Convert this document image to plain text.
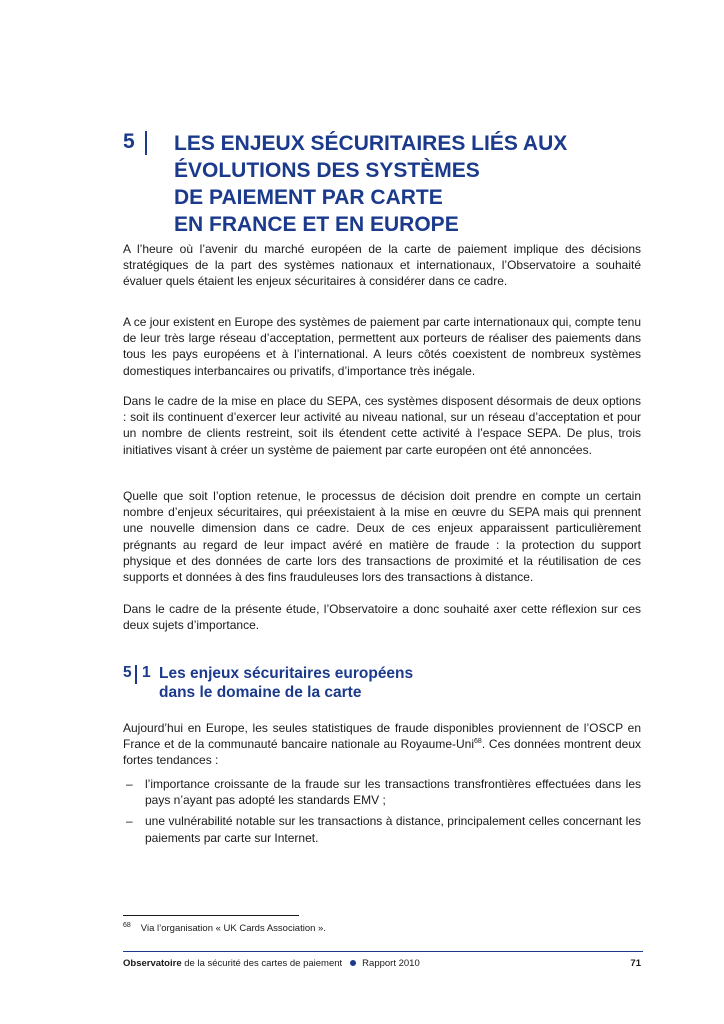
5 LES ENJEUX SÉCURITAIRES LIÉS AUX
ÉVOLUTIONS DES SYSTÈMES
DE PAIEMENT PAR CARTE
EN FRANCE ET EN EUROPE

A l’heure où l’avenir du marché européen de la carte de paiement implique des décisions stratégiques de la part des systèmes nationaux et internationaux, l’Observatoire a souhaité évaluer quels étaient les enjeux sécuritaires à considérer dans ce cadre.

A ce jour existent en Europe des systèmes de paiement par carte internationaux qui, compte tenu de leur très large réseau d’acceptation, permettent aux porteurs de réaliser des paiements dans tous les pays européens et à l’international. A leurs côtés coexistent de nombreux systèmes domestiques interbancaires ou privatifs, d’importance très inégale.

Dans le cadre de la mise en place du SEPA, ces systèmes disposent désormais de deux options : soit ils continuent d’exercer leur activité au niveau national, sur un réseau d’acceptation et pour un nombre de clients restreint, soit ils étendent cette activité à l’espace SEPA. De plus, trois initiatives visant à créer un système de paiement par carte européen ont été annoncées.

Quelle que soit l’option retenue, le processus de décision doit prendre en compte un certain nombre d’enjeux sécuritaires, qui préexistaient à la mise en œuvre du SEPA mais qui prennent une nouvelle dimension dans ce cadre. Deux de ces enjeux apparaissent particulièrement prégnants au regard de leur impact avéré en matière de fraude : la protection du support physique et des données de carte lors des transactions de proximité et la réutilisation de ces supports et données à des fins frauduleuses lors des transactions à distance.

Dans le cadre de la présente étude, l’Observatoire a donc souhaité axer cette réflexion sur ces deux sujets d’importance.

5 1 Les enjeux sécuritaires européens
dans le domaine de la carte

Aujourd’hui en Europe, les seules statistiques de fraude disponibles proviennent de l’OSCP en France et de la communauté bancaire nationale au Royaume-Uni$^{68}$. Ces données montrent deux fortes tendances :

– l’importance croissante de la fraude sur les transactions transfrontières effectuées dans les pays n’ayant pas adopté les standards EMV ;
– une vulnérabilité notable sur les transactions à distance, principalement celles concernant les paiements par carte sur Internet.
$^{68}$ Via l’organisation « UK Cards Association ».
Observatoire de la sécurité des cartes de paiement Rapport 2010	71
